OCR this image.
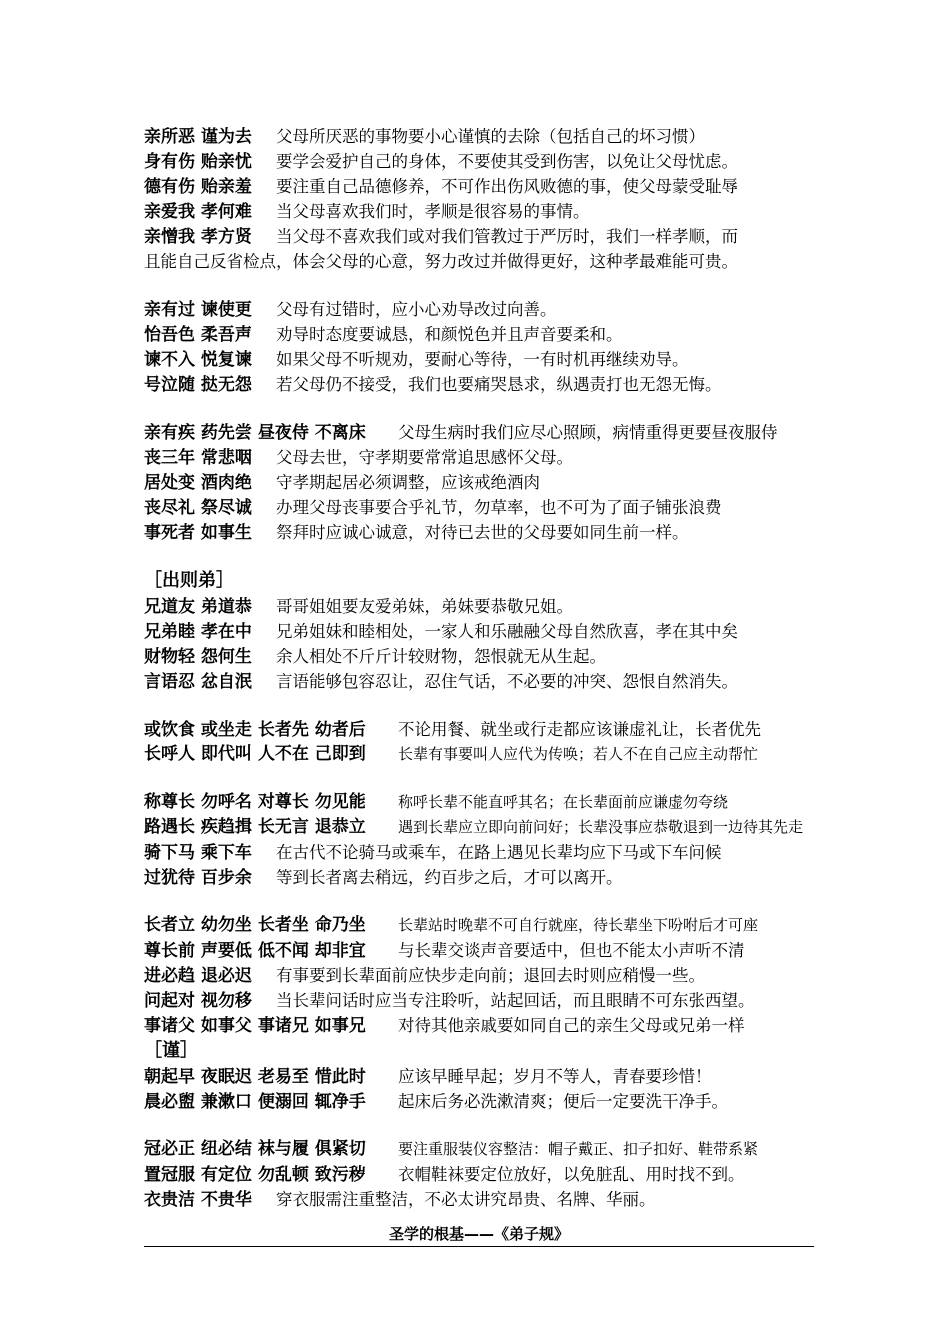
亲所恶 谨为去 父母所厌恶的事物要小心谨慎的去除（包括自己的坏习惯）
身有伤 贻亲忧 要学会爱护自己的身体，不要使其受到伤害，以免让父母忧虑。
德有伤 贻亲羞 要注重自己品德修养，不可作出伤风败德的事，使父母蒙受耻辱
亲爱我 孝何难 当父母喜欢我们时，孝顺是很容易的事情。
亲憎我 孝方贤 当父母不喜欢我们或对我们管教过于严厉时，我们一样孝顺，而
且能自己反省检点，体会父母的心意，努力改过并做得更好，这种孝最难能可贵。
亲有过 谏使更 父母有过错时，应小心劝导改过向善。
怡吾色 柔吾声 劝导时态度要诚恳，和颜悦色并且声音要柔和。
谏不入 悦复谏 如果父母不听规劝，要耐心等待，一有时机再继续劝导。
号泣随 挞无怨 若父母仍不接受，我们也要痛哭恳求，纵遇责打也无怨无悔。
亲有疾 药先尝 昼夜侍 不离床 父母生病时我们应尽心照顾，病情重得更要昼夜服侍
丧三年 常悲咽 父母去世，守孝期要常常追思感怀父母。
居处变 酒肉绝 守孝期起居必须调整，应该戒绝酒肉
丧尽礼 祭尽诚 办理父母丧事要合乎礼节，勿草率，也不可为了面子铺张浪费
事死者 如事生 祭拜时应诚心诚意，对待已去世的父母要如同生前一样。
［出则弟］
兄道友 弟道恭 哥哥姐姐要友爱弟妹，弟妹要恭敬兄姐。
兄弟睦 孝在中 兄弟姐妹和睦相处，一家人和乐融融父母自然欣喜，孝在其中矣
财物轻 怨何生 余人相处不斤斤计较财物，怨恨就无从生起。
言语忍 忿自泯 言语能够包容忍让，忍住气话，不必要的冲突、怨恨自然消失。
或饮食 或坐走 长者先 幼者后 不论用餐、就坐或行走都应该谦虚礼让，长者优先
长呼人 即代叫 人不在 己即到 长辈有事要叫人应代为传唤；若人不在自己应主动帮忙
称尊长 勿呼名 对尊长 勿见能 称呼长辈不能直呼其名；在长辈面前应谦虚勿夸绕
路遇长 疾趋揖 长无言 退恭立 遇到长辈应立即向前问好；长辈没事应恭敬退到一边待其先走
骑下马 乘下车 在古代不论骑马或乘车，在路上遇见长辈均应下马或下车问候
过犹待 百步余 等到长者离去稍远，约百步之后，才可以离开。
长者立 幼勿坐 长者坐 命乃坐 长辈站时晚辈不可自行就座，待长辈坐下吩咐后才可座
尊长前 声要低 低不闻 却非宜 与长辈交谈声音要适中，但也不能太小声听不清
进必趋 退必迟 有事要到长辈面前应快步走向前；退回去时则应稍慢一些。
问起对 视勿移 当长辈问话时应当专注聆听，站起回话，而且眼睛不可东张西望。
事诸父 如事父 事诸兄 如事兄 对待其他亲戚要如同自己的亲生父母或兄弟一样
［谨］
朝起早 夜眠迟 老易至 惜此时 应该早睡早起；岁月不等人，青春要珍惜！
晨必盥 兼漱口 便溺回 辄净手 起床后务必洗漱清爽；便后一定要洗干净手。
冠必正 纽必结 袜与履 俱紧切 要注重服装仪容整洁：帽子戴正、扣子扣好、鞋带系紧
置冠服 有定位 勿乱顿 致污秽 衣帽鞋袜要定位放好，以免脏乱、用时找不到。
衣贵洁 不贵华 穿衣服需注重整洁，不必太讲究昂贵、名牌、华丽。
圣学的根基——《弟子规》
